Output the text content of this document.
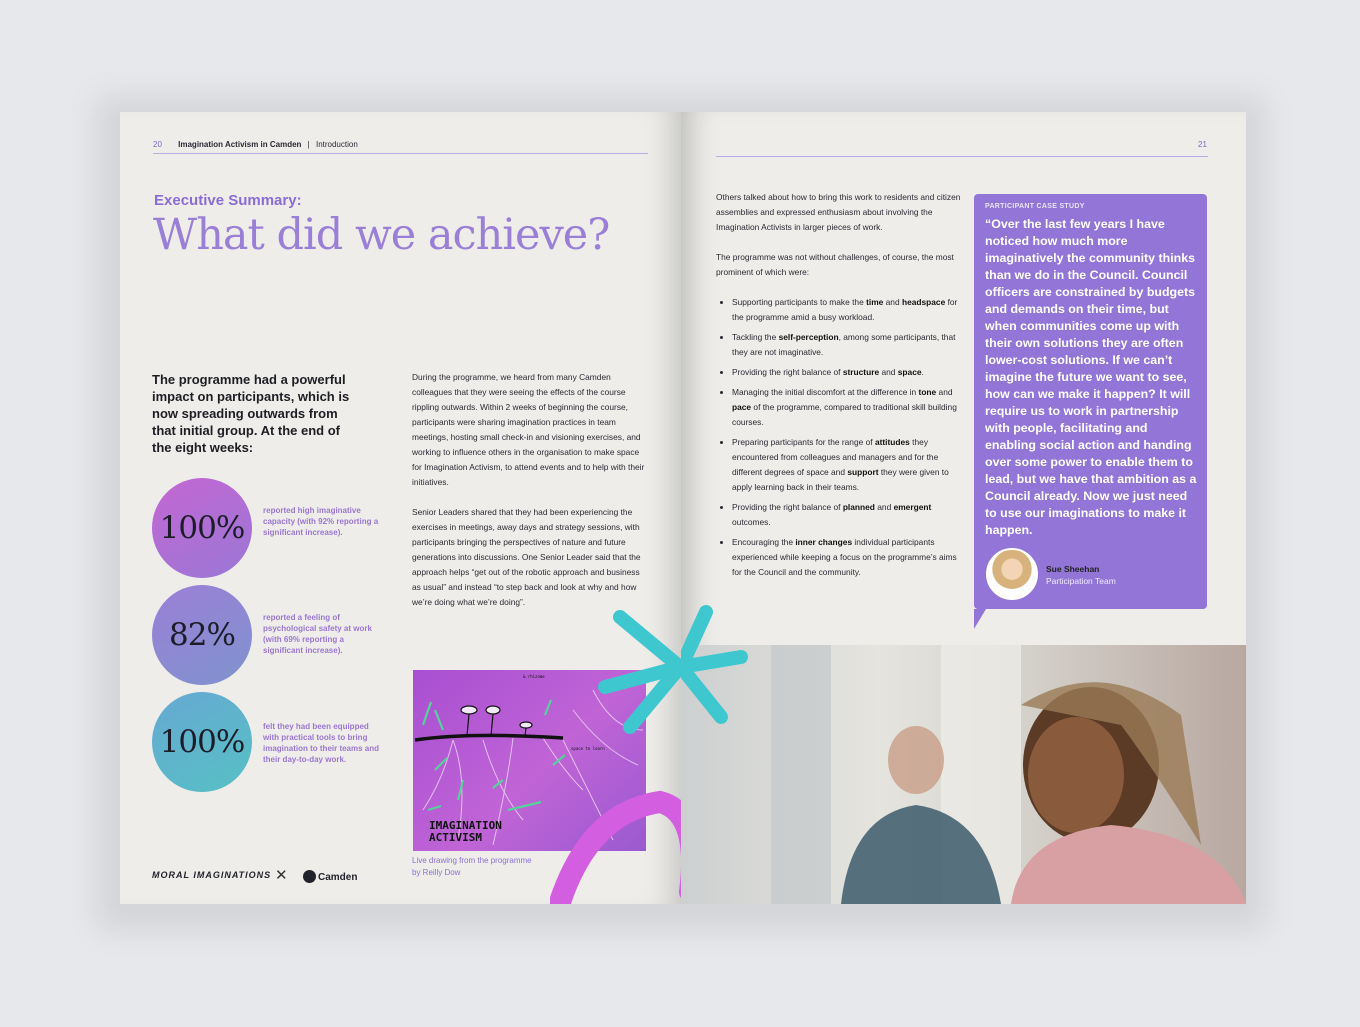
20 Imagination Activism in Camden | Introduction
Executive Summary:
What did we achieve?
The programme had a powerful impact on participants, which is now spreading outwards from that initial group. At the end of the eight weeks:
100%	reported high imaginative capacity (with 92% reporting a significant increase).
82%	reported a feeling of psychological safety at work (with 69% reporting a significant increase).
100%	felt they had been equipped with practical tools to bring imagination to their teams and their day-to-day work.

During the programme, we heard from many Camden colleagues that they were seeing the effects of the course rippling outwards. Within 2 weeks of beginning the course, participants were sharing imagination practices in team meetings, hosting small check-in and visioning exercises, and working to influence others in the organisation to make space for Imagination Activism, to attend events and to help with their initiatives.

Senior Leaders shared that they had been experiencing the exercises in meetings, away days and strategy sessions, with participants bringing the perspectives of nature and future generations into discussions. One Senior Leader said that the approach helps “get out of the robotic approach and business as usual” and instead “to step back and look at why and how we’re doing what we’re doing”.

& rhizome
space to learn
IMAGINATION
ACTIVISM
Live drawing from the programme
by Reilly Dow
MORAL IMAGINATIONS ✕	Camden
21

Others talked about how to bring this work to residents and citizen assemblies and expressed enthusiasm about involving the Imagination Activists in larger pieces of work.

The programme was not without challenges, of course, the most prominent of which were:

• Supporting participants to make the time and headspace for the programme amid a busy workload.
• Tackling the self-perception, among some participants, that they are not imaginative.
• Providing the right balance of structure and space.
• Managing the initial discomfort at the difference in tone and pace of the programme, compared to traditional skill building courses.
• Preparing participants for the range of attitudes they encountered from colleagues and managers and for the different degrees of space and support they were given to apply learning back in their teams.
• Providing the right balance of planned and emergent outcomes.
• Encouraging the inner changes individual participants experienced while keeping a focus on the programme’s aims for the Council and the community.
PARTICIPANT CASE STUDY
“Over the last few years I have noticed how much more imaginatively the community thinks than we do in the Council. Council officers are constrained by budgets and demands on their time, but when communities come up with their own solutions they are often lower-cost solutions. If we can’t imagine the future we want to see, how can we make it happen? It will require us to work in partnership with people, facilitating and enabling social action and handing over some power to enable them to lead, but we have that ambition as a Council already. Now we just need to use our imaginations to make it happen.
Sue Sheehan
Participation Team
